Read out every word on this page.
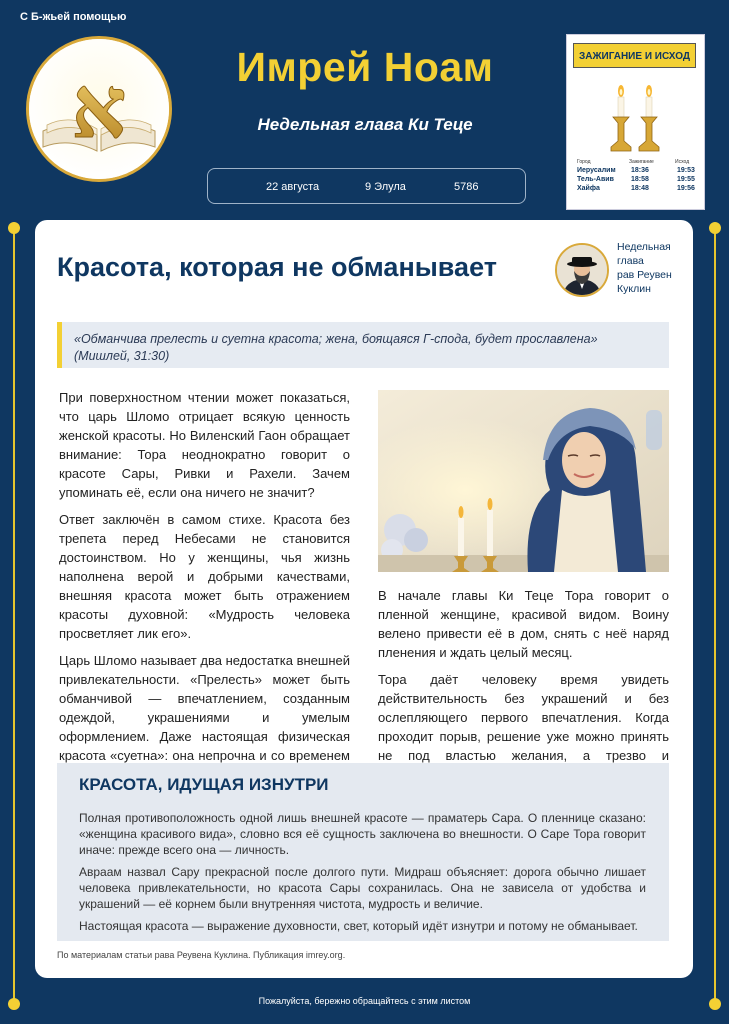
С Б-жьей помощью
א	Имрей Ноам
Недельная глава Ки Теце
22 августа	9 Элула	5786
ЗАЖИГАНИЕ И ИСХОД
Город	Зажигание	Исход
Иерусалим 18:36	19:53
Тель-Авив 18:58	19:55
Хайфа	18:48	19:56
Красота, которая не обманывает
Недельная глава
рав Реувен Куклин
«Обманчива прелесть и суетна красота; жена, боящаяся Г-спода, будет прославлена» (Мишлей, 31:30)

При поверхностном чтении может показаться, что царь Шломо отрицает всякую ценность женской красоты. Но Виленский Гаон обращает внимание: Тора неоднократно говорит о красоте Сары, Ривки и Рахели. Зачем упоминать её, если она ничего не значит?

Ответ заключён в самом стихе. Красота без трепета перед Небесами не становится достоинством. Но у женщины, чья жизнь наполнена верой и добрыми качествами, внешняя красота может быть отражением красоты духовной: «Мудрость человека просветляет лик его».

Царь Шломо называет два недостатка внешней привлекательности. «Прелесть» может быть обманчивой — впечатлением, созданным одеждой, украшениями и умелым оформлением. Даже настоящая физическая красота «суетна»: она непрочна и со временем

В начале главы Ки Теце Тора говорит о пленной женщине, красивой видом. Воину велено привести её в дом, снять с неё наряд пленения и ждать целый месяц.

Тора даёт человеку время увидеть действительность без украшений и без ослепляющего первого впечатления. Когда проходит порыв, решение уже можно принять не под властью желания, а трезво и

КРАСОТА, ИДУЩАЯ ИЗНУТРИ

Полная противоположность одной лишь внешней красоте — праматерь Сара. О пленнице сказано: «женщина красивого вида», словно вся её сущность заключена во внешности. О Саре Тора говорит иначе: прежде всего она — личность.

Авраам назвал Сару прекрасной после долгого пути. Мидраш объясняет: дорога обычно лишает человека привлекательности, но красота Сары сохранилась. Она не зависела от удобства и украшений — её корнем были внутренняя чистота, мудрость и величие.

Настоящая красота — выражение духовности, свет, который идёт изнутри и потому не обманывает.

По материалам статьи рава Реувена Куклина. Публикация imrey.org.
Пожалуйста, бережно обращайтесь с этим листом
